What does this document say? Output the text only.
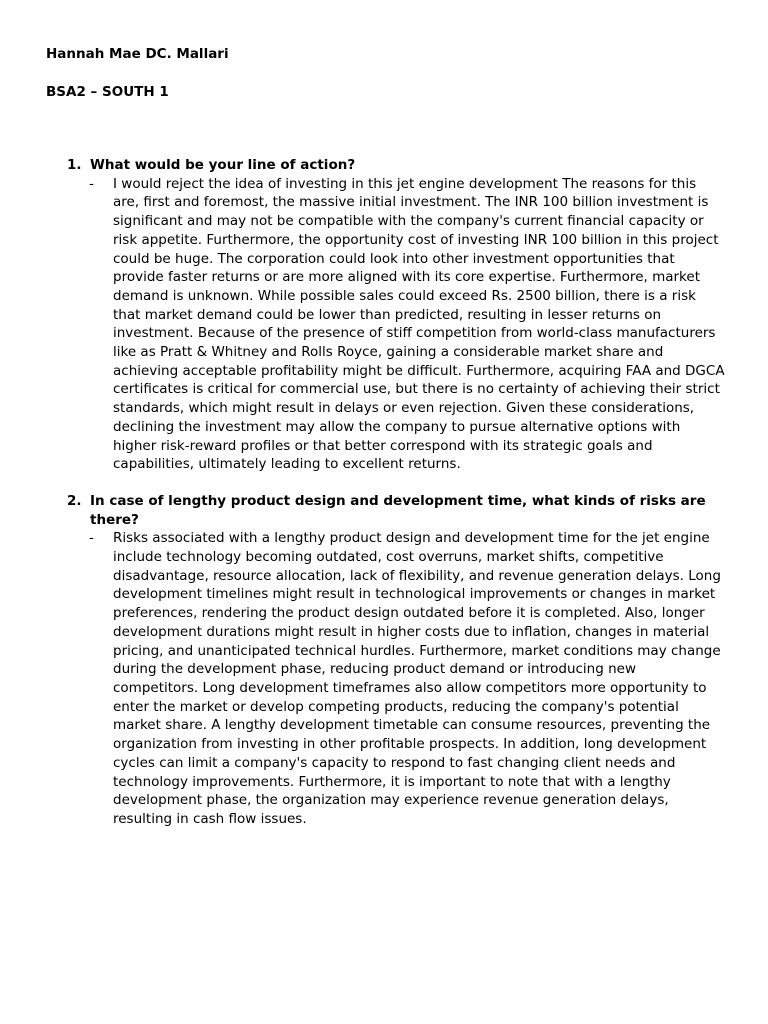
Hannah Mae DC. Mallari

BSA2 – SOUTH 1

1. What would be your line of action?

- I would reject the idea of investing in this jet engine development The reasons for this are, first and foremost, the massive initial investment. The INR 100 billion investment is significant and may not be compatible with the company's current financial capacity or risk appetite. Furthermore, the opportunity cost of investing INR 100 billion in this project could be huge. The corporation could look into other investment opportunities that provide faster returns or are more aligned with its core expertise. Furthermore, market demand is unknown. While possible sales could exceed Rs. 2500 billion, there is a risk that market demand could be lower than predicted, resulting in lesser returns on investment. Because of the presence of stiff competition from world-class manufacturers like as Pratt & Whitney and Rolls Royce, gaining a considerable market share and achieving acceptable profitability might be difficult. Furthermore, acquiring FAA and DGCA certificates is critical for commercial use, but there is no certainty of achieving their strict standards, which might result in delays or even rejection. Given these considerations, declining the investment may allow the company to pursue alternative options with higher risk-reward profiles or that better correspond with its strategic goals and capabilities, ultimately leading to excellent returns.

2. In case of lengthy product design and development time, what kinds of risks are there?

- Risks associated with a lengthy product design and development time for the jet engine include technology becoming outdated, cost overruns, market shifts, competitive disadvantage, resource allocation, lack of flexibility, and revenue generation delays. Long development timelines might result in technological improvements or changes in market preferences, rendering the product design outdated before it is completed. Also, longer development durations might result in higher costs due to inflation, changes in material pricing, and unanticipated technical hurdles. Furthermore, market conditions may change during the development phase, reducing product demand or introducing new competitors. Long development timeframes also allow competitors more opportunity to enter the market or develop competing products, reducing the company's potential market share. A lengthy development timetable can consume resources, preventing the organization from investing in other profitable prospects. In addition, long development cycles can limit a company's capacity to respond to fast changing client needs and technology improvements. Furthermore, it is important to note that with a lengthy development phase, the organization may experience revenue generation delays, resulting in cash flow issues.
